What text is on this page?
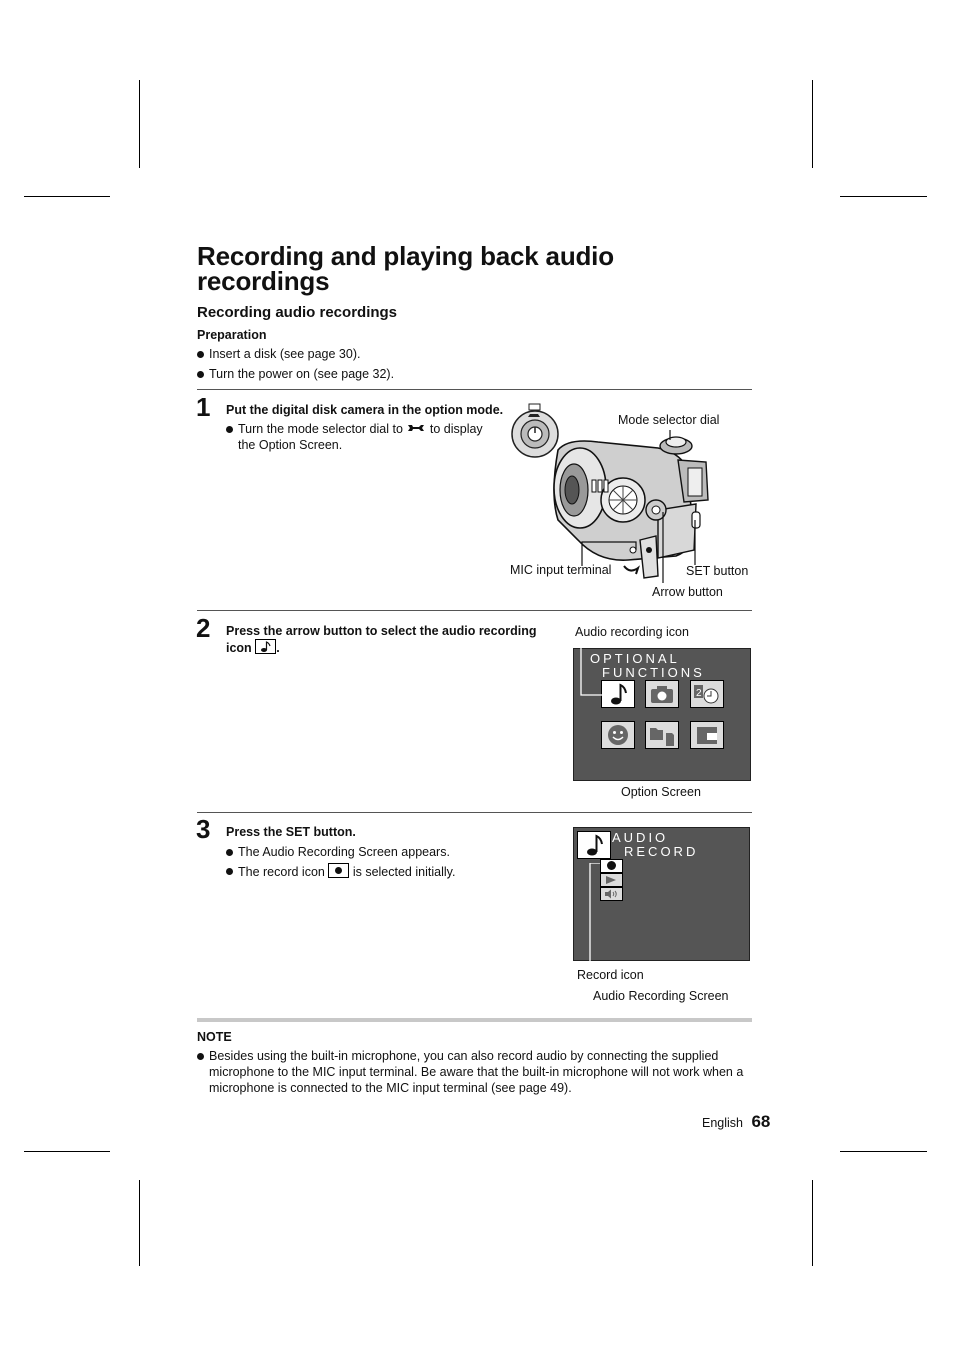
Recording and playing back audio recordings
Recording audio recordings
Preparation
Insert a disk (see page 30).
Turn the power on (see page 32).
1 Put the digital disk camera in the option mode.
Turn the mode selector dial to to display the Option Screen.
Mode selector dial
MIC input terminal	SET button
Arrow button
2 Press the arrow button to select the audio recording icon .
Audio recording icon
OPTIONAL
FUNCTIONS
2
Option Screen
3 Press the SET button.
The Audio Recording Screen appears.
The record icon is selected initially.
AUDIO
RECORD
Record icon
Audio Recording Screen
NOTE
Besides using the built-in microphone, you can also record audio by connecting the supplied microphone to the MIC input terminal. Be aware that the built-in microphone will not work when a microphone is connected to the MIC input terminal (see page 49).
English 68
